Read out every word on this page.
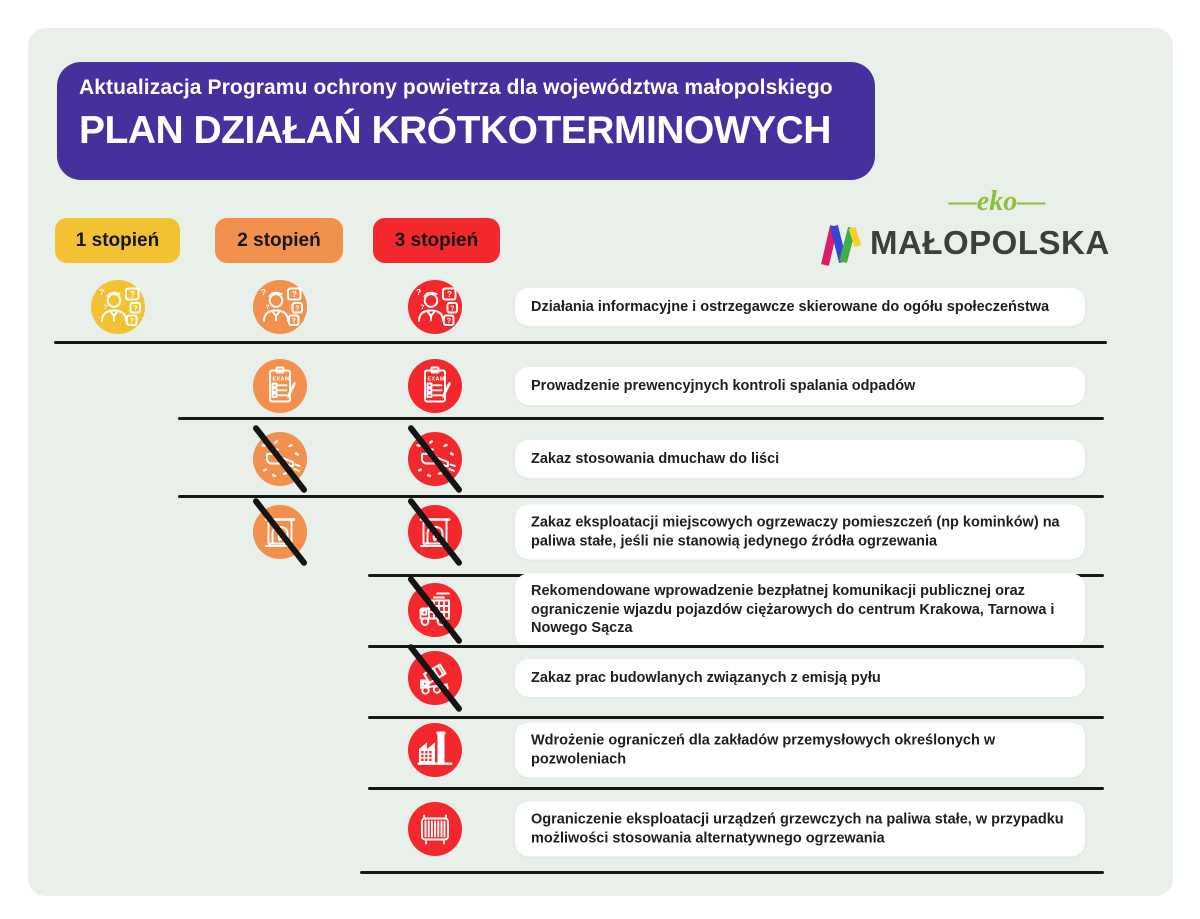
Aktualizacja Programu ochrony powietrza dla województwa małopolskiego
PLAN DZIAŁAŃ KRÓTKOTERMINOWYCH
1 stopień	2 stopień	3 stopień
—eko—
MAŁOPOLSKA
Działania informacyjne i ostrzegawcze skierowane do ogółu społeczeństwa
Prowadzenie prewencyjnych kontroli spalania odpadów
Zakaz stosowania dmuchaw do liści
Zakaz eksploatacji miejscowych ogrzewaczy pomieszczeń (np kominków) na paliwa stałe, jeśli nie stanowią jedynego źródła ogrzewania
Rekomendowane wprowadzenie bezpłatnej komunikacji publicznej oraz ograniczenie wjazdu pojazdów ciężarowych do centrum Krakowa, Tarnowa i Nowego Sącza
Zakaz prac budowlanych związanych z emisją pyłu
Wdrożenie ograniczeń dla zakładów przemysłowych określonych w pozwoleniach
Ograniczenie eksploatacji urządzeń grzewczych na paliwa stałe, w przypadku możliwości stosowania alternatywnego ogrzewania
